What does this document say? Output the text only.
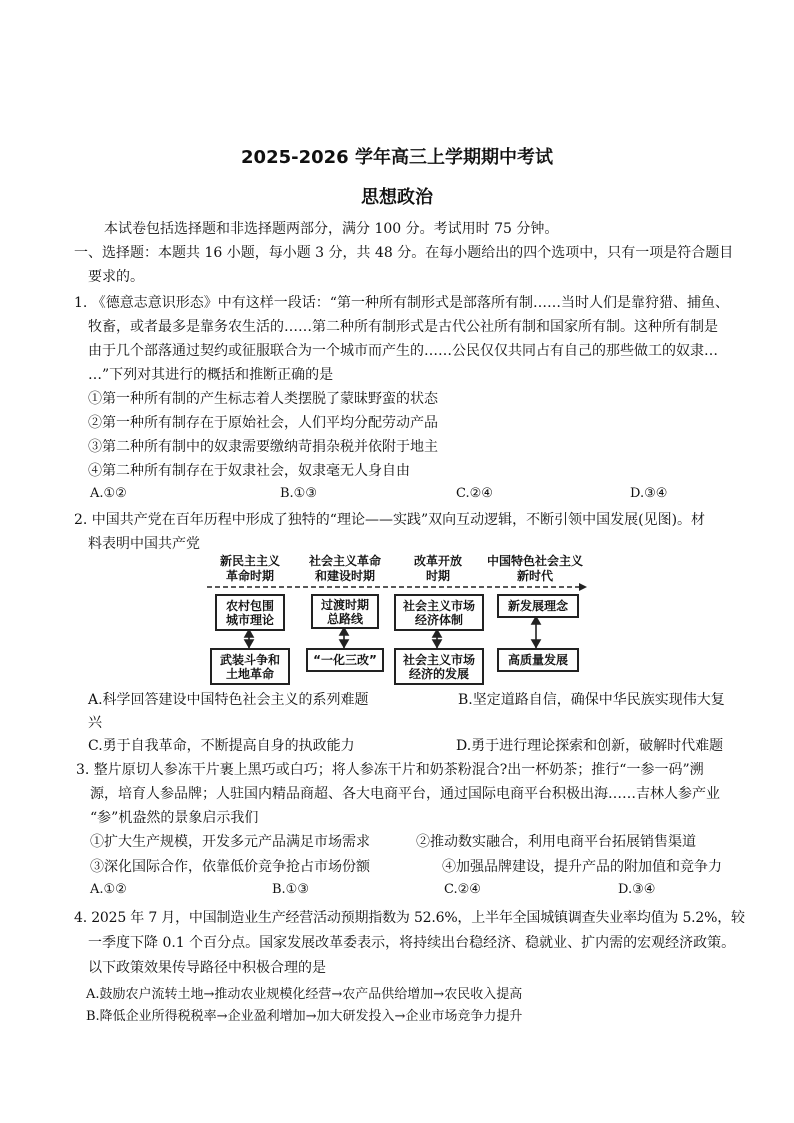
2025-2026 学年高三上学期期中考试
思想政治
本试卷包括选择题和非选择题两部分，满分 100 分。考试用时 75 分钟。
一、选择题：本题共 16 小题，每小题 3 分，共 48 分。在每小题给出的四个选项中，只有一项是符合题目
要求的。
1. 《德意志意识形态》中有这样一段话：“第一种所有制形式是部落所有制……当时人们是靠狩猎、捕鱼、
牧畜，或者最多是靠务农生活的……第二种所有制形式是古代公社所有制和国家所有制。这种所有制是
由于几个部落通过契约或征服联合为一个城市而产生的……公民仅仅共同占有自己的那些做工的奴隶…
…”下列对其进行的概括和推断正确的是
①第一种所有制的产生标志着人类摆脱了蒙昧野蛮的状态
②第一种所有制存在于原始社会，人们平均分配劳动产品
③第二种所有制中的奴隶需要缴纳苛捐杂税并依附于地主
④第二种所有制存在于奴隶社会，奴隶毫无人身自由
A.①②	B.①③	C.②④	D.③④
2. 中国共产党在百年历程中形成了独特的“理论——实践”双向互动逻辑，不断引领中国发展(见图)。材
料表明中国共产党
新民主主义
革命时期
社会主义革命
和建设时期
改革开放
时期
中国特色社会主义
新时代
农村包围
城市理论
过渡时期
总路线
社会主义市场
经济体制
新发展理念
武装斗争和
土地革命
“一化三改” 社会主义市场
经济的发展
高质量发展
A.科学回答建设中国特色社会主义的系列难题
兴
B.坚定道路自信，确保中华民族实现伟大复
C.勇于自我革命，不断提高自身的执政能力	D.勇于进行理论探索和创新，破解时代难题
3. 整片原切人参冻干片裹上黑巧或白巧；将人参冻干片和奶茶粉混合?出一杯奶茶；推行“一参一码”溯
源，培育人参品牌；人驻国内精品商超、各大电商平台，通过国际电商平台积极出海……吉林人参产业
“参”机盎然的景象启示我们
①扩大生产规模，开发多元产品满足市场需求	②推动数实融合，利用电商平台拓展销售渠道
③深化国际合作，依靠低价竞争抢占市场份额	④加强品牌建设，提升产品的附加值和竞争力
A.①②	B.①③	C.②④	D.③④
4. 2025 年 7 月，中国制造业生产经营活动预期指数为 52.6%，上半年全国城镇调查失业率均值为 5.2%，较
一季度下降 0.1 个百分点。国家发展改革委表示，将持续出台稳经济、稳就业、扩内需的宏观经济政策。
以下政策效果传导路径中积极合理的是
A.鼓励农户流转土地→推动农业规模化经营→农产品供给增加→农民收入提高
B.降低企业所得税税率→企业盈利增加→加大研发投入→企业市场竞争力提升
